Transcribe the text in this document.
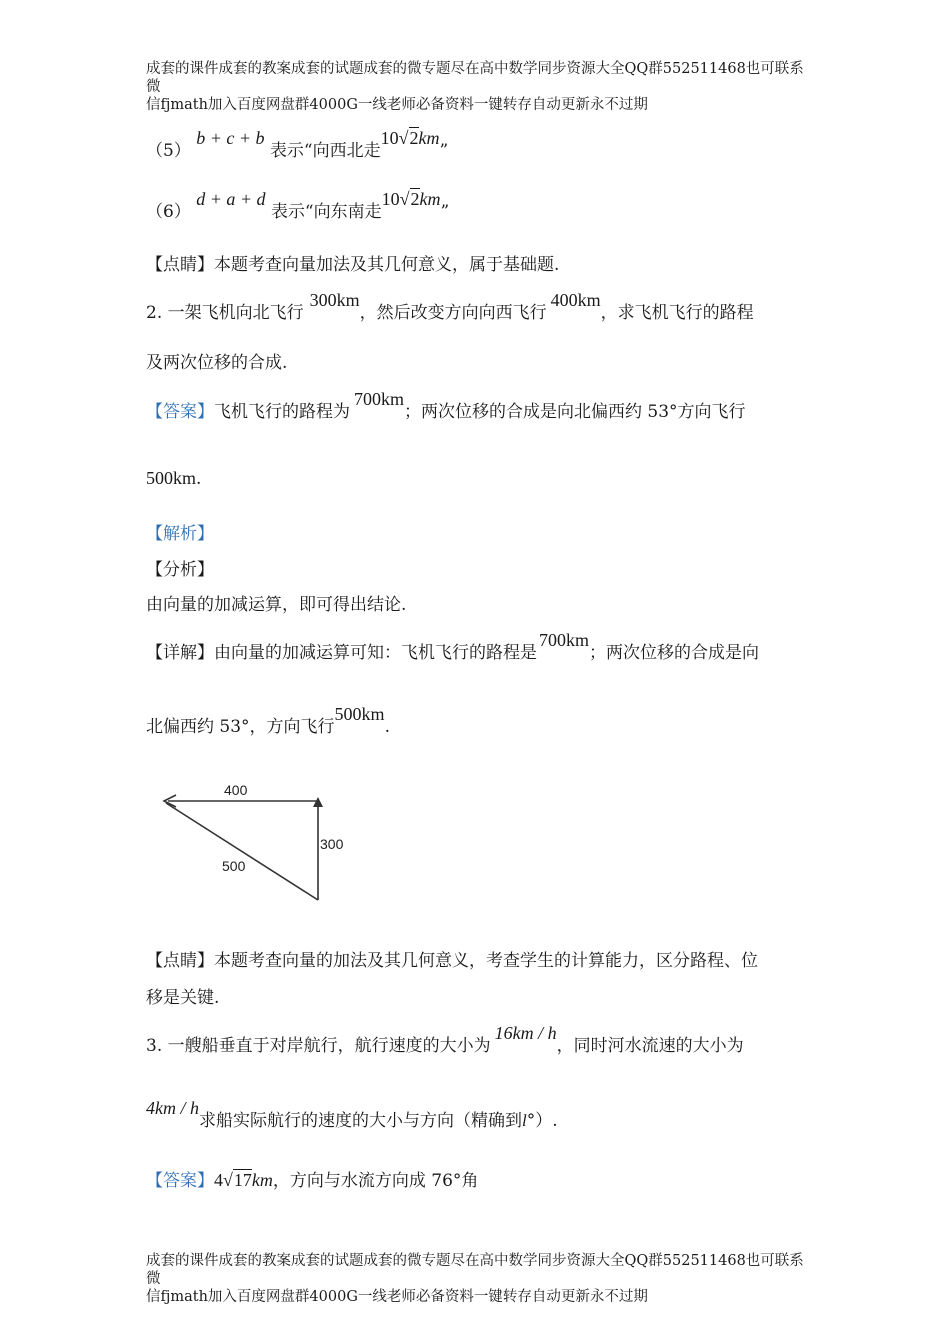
成套的课件成套的教案成套的试题成套的微专题尽在高中数学同步资源大全QQ群552511468也可联系微
信fjmath加入百度网盘群4000G一线老师必备资料一键转存自动更新永不过期
（5） b + c + b 表示“向西北走10√2km”
（6） d + a + d 表示“向东南走10√2km”
【点睛】本题考查向量加法及其几何意义，属于基础题.
2. 一架飞机向北飞行300km，然后改变方向向西飞行400km，求飞机飞行的路程
及两次位移的合成.
【答案】飞机飞行的路程为700km；两次位移的合成是向北偏西约 53°方向飞行
500km.
【解析】
【分析】
由向量的加减运算，即可得出结论.
【详解】由向量的加减运算可知：飞机飞行的路程是700km；两次位移的合成是向
北偏西约 53°，方向飞行500km.
400
300
500
【点睛】本题考查向量的加法及其几何意义，考查学生的计算能力，区分路程、位
移是关键.
3. 一艘船垂直于对岸航行，航行速度的大小为16km / h，同时河水流速的大小为
4km / h求船实际航行的速度的大小与方向（精确到l°）.
【答案】4√17km，方向与水流方向成 76°角
成套的课件成套的教案成套的试题成套的微专题尽在高中数学同步资源大全QQ群552511468也可联系微
信fjmath加入百度网盘群4000G一线老师必备资料一键转存自动更新永不过期
